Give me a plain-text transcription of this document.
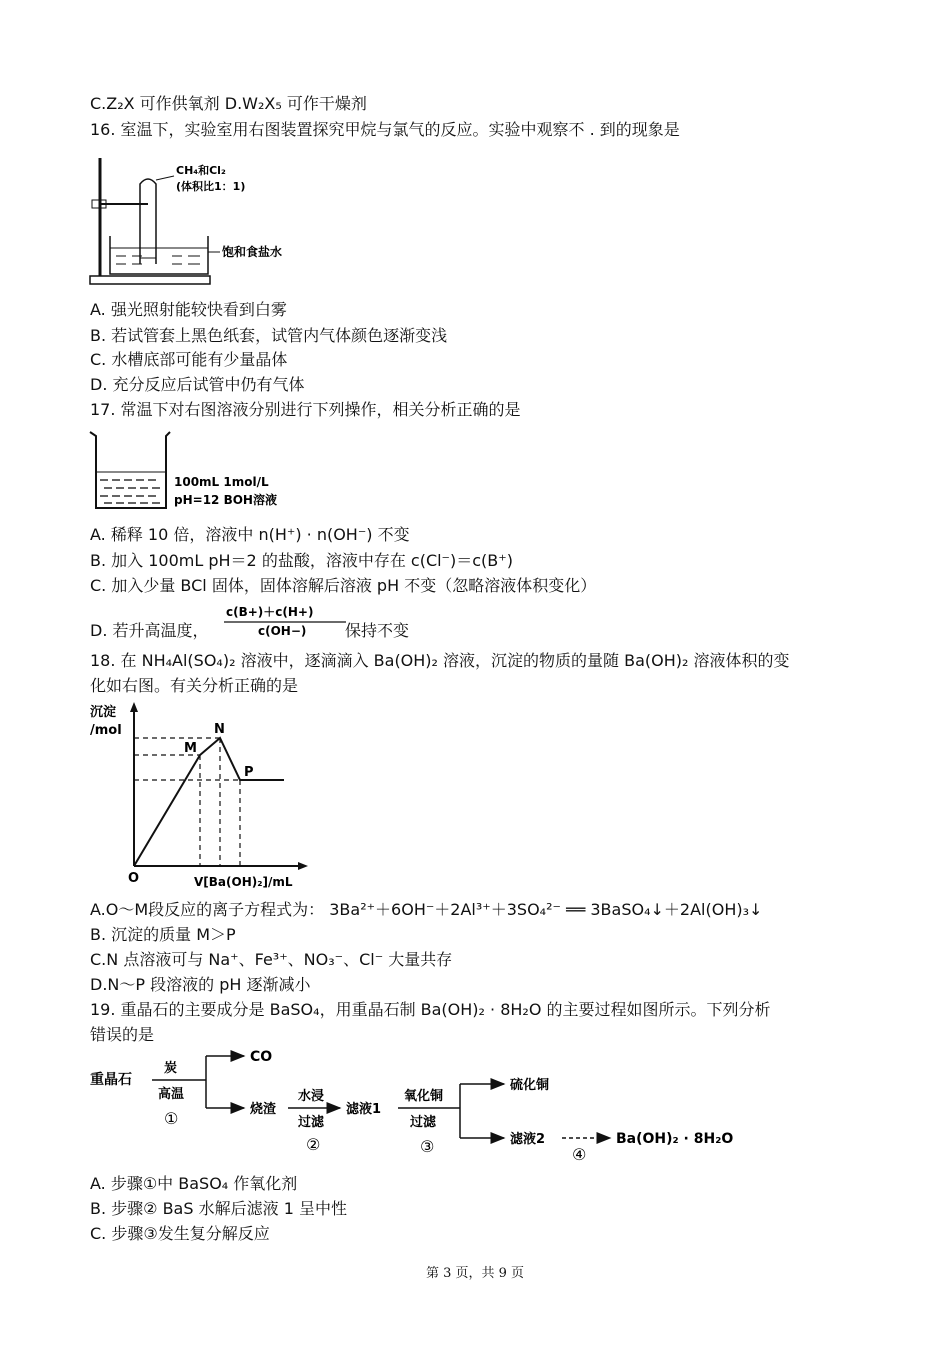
C.Z₂X 可作供氧剂 D.W₂X₅ 可作干燥剂
16. 室温下，实验室用右图装置探究甲烷与氯气的反应。实验中观察不 . 到的现象是
CH₄和Cl₂
(体积比1：1)
饱和食盐水
A. 强光照射能较快看到白雾
B. 若试管套上黑色纸套，试管内气体颜色逐渐变浅
C. 水槽底部可能有少量晶体
D. 充分反应后试管中仍有气体
17. 常温下对右图溶液分别进行下列操作，相关分析正确的是
100mL 1mol/L
pH=12 BOH溶液
A. 稀释 10 倍，溶液中 n(H⁺) · n(OH⁻) 不变
B. 加入 100mL pH＝2 的盐酸，溶液中存在 c(Cl⁻)＝c(B⁺)
C. 加入少量 BCl 固体，固体溶解后溶液 pH 不变（忽略溶液体积变化）
D. 若升高温度，
c(B+)＋c(H+)
c(OH−) 保持不变
18. 在 NH₄Al(SO₄)₂ 溶液中，逐滴滴入 Ba(OH)₂ 溶液，沉淀的物质的量随 Ba(OH)₂ 溶液体积的变
化如右图。有关分析正确的是
沉淀
/mol
O
M
N
P
V[Ba(OH)₂]/mL
A.O～M段反应的离子方程式为： 3Ba²⁺＋6OH⁻＋2Al³⁺＋3SO₄²⁻ ══ 3BaSO₄↓＋2Al(OH)₃↓
B. 沉淀的质量 M＞P
C.N 点溶液可与 Na⁺、Fe³⁺、NO₃⁻、Cl⁻ 大量共存
D.N～P 段溶液的 pH 逐渐减小
19. 重晶石的主要成分是 BaSO₄，用重晶石制 Ba(OH)₂ · 8H₂O 的主要过程如图所示。下列分析
错误的是
重晶石
炭
高温
①
CO
烧渣
水浸
过滤
②
滤液1
氧化铜
过滤
③
硫化铜
滤液2
④
Ba(OH)₂ · 8H₂O
A. 步骤①中 BaSO₄ 作氧化剂
B. 步骤② BaS 水解后滤液 1 呈中性
C. 步骤③发生复分解反应
第 3 页，共 9 页
